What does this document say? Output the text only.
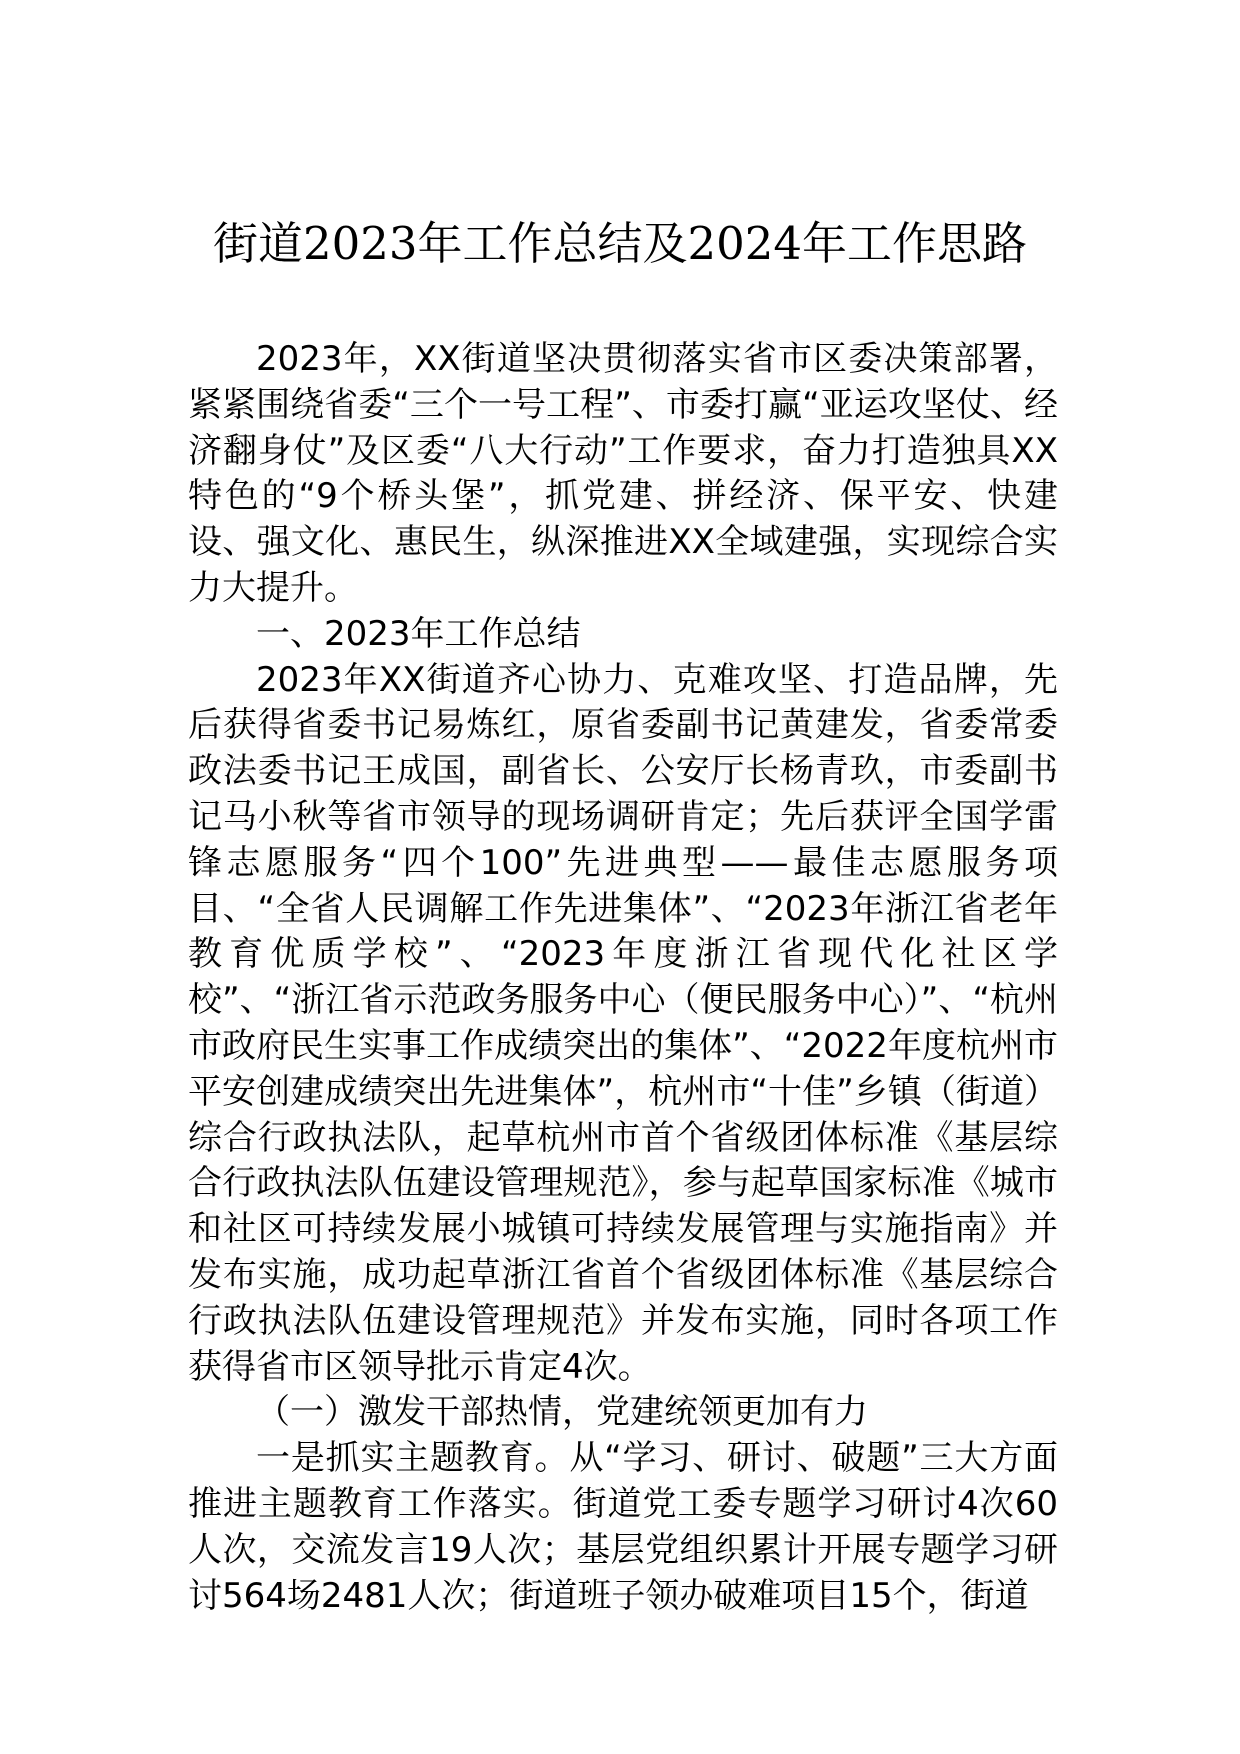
街道2023年工作总结及2024年工作思路

2023年，XX街道坚决贯彻落实省市区委决策部署，紧紧围绕省委“三个一号工程”、市委打赢“亚运攻坚仗、经济翻身仗”及区委“八大行动”工作要求，奋力打造独具XX特色的“9个桥头堡”，抓党建、拼经济、保平安、快建设、强文化、惠民生，纵深推进XX全域建强，实现综合实力大提升。

一、2023年工作总结

2023年XX街道齐心协力、克难攻坚、打造品牌，先后获得省委书记易炼红，原省委副书记黄建发，省委常委政法委书记王成国，副省长、公安厅长杨青玖，市委副书记马小秋等省市领导的现场调研肯定；先后获评全国学雷锋志愿服务“四个100”先进典型——最佳志愿服务项目、“全省人民调解工作先进集体”、“2023年浙江省老年教育优质学校”、“2023年度浙江省现代化社区学校”、“浙江省示范政务服务中心（便民服务中心）”、“杭州市政府民生实事工作成绩突出的集体”、“2022年度杭州市平安创建成绩突出先进集体”，杭州市“十佳”乡镇（街道）综合行政执法队，起草杭州市首个省级团体标准《基层综合行政执法队伍建设管理规范》，参与起草国家标准《城市和社区可持续发展小城镇可持续发展管理与实施指南》并发布实施，成功起草浙江省首个省级团体标准《基层综合行政执法队伍建设管理规范》并发布实施，同时各项工作获得省市区领导批示肯定4次。

（一）激发干部热情，党建统领更加有力

一是抓实主题教育。从“学习、研讨、破题”三大方面推进主题教育工作落实。街道党工委专题学习研讨4次60人次，交流发言19人次；基层党组织累计开展专题学习研讨564场2481人次；街道班子领办破难项目15个，街道
